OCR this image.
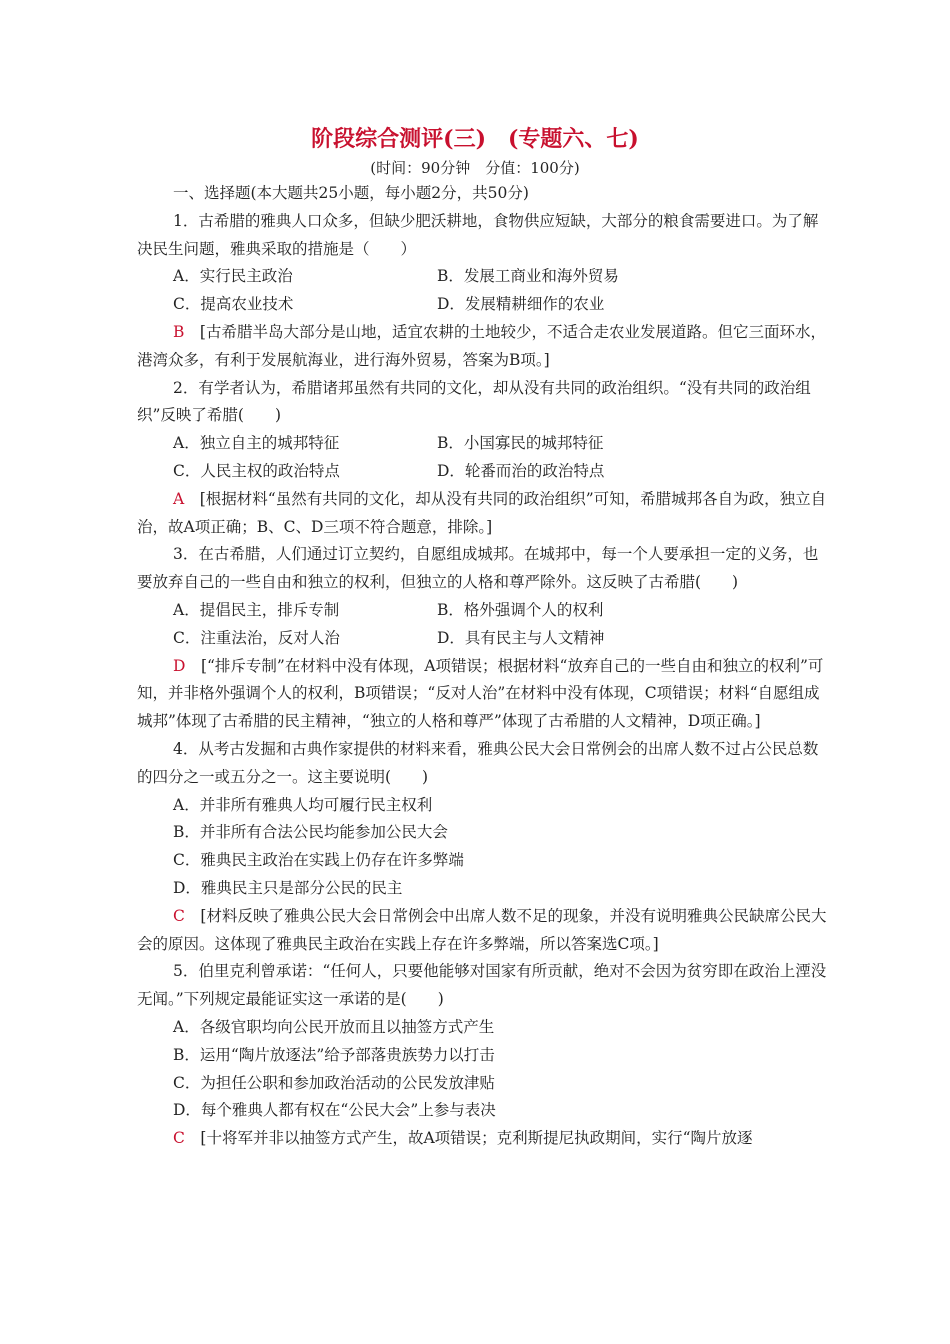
阶段综合测评(三)　(专题六、七)
(时间：90分钟　分值：100分)

一、选择题(本大题共25小题，每小题2分，共50分)

1．古希腊的雅典人口众多，但缺少肥沃耕地，食物供应短缺，大部分的粮食需要进口。为了解决民生问题，雅典采取的措施是（　　）

A．实行民主政治	B．发展工商业和海外贸易
C．提高农业技术	D．发展精耕细作的农业

B　 [古希腊半岛大部分是山地，适宜农耕的土地较少，不适合走农业发展道路。但它三面环水，港湾众多，有利于发展航海业，进行海外贸易，答案为B项。]

2．有学者认为，希腊诸邦虽然有共同的文化，却从没有共同的政治组织。“没有共同的政治组织”反映了希腊(　　)

A．独立自主的城邦特征	B．小国寡民的城邦特征
C．人民主权的政治特点	D．轮番而治的政治特点

A　 [根据材料“虽然有共同的文化，却从没有共同的政治组织”可知，希腊城邦各自为政，独立自治，故A项正确；B、C、D三项不符合题意，排除。]

3．在古希腊，人们通过订立契约，自愿组成城邦。在城邦中，每一个人要承担一定的义务，也要放弃自己的一些自由和独立的权利，但独立的人格和尊严除外。这反映了古希腊(　　)

A．提倡民主，排斥专制	B．格外强调个人的权利
C．注重法治，反对人治	D．具有民主与人文精神

D　 [“排斥专制”在材料中没有体现，A项错误；根据材料“放弃自己的一些自由和独立的权利”可知，并非格外强调个人的权利，B项错误；“反对人治”在材料中没有体现，C项错误；材料“自愿组成城邦”体现了古希腊的民主精神，“独立的人格和尊严”体现了古希腊的人文精神，D项正确。]

4．从考古发掘和古典作家提供的材料来看，雅典公民大会日常例会的出席人数不过占公民总数的四分之一或五分之一。这主要说明(　　)

A．并非所有雅典人均可履行民主权利

B．并非所有合法公民均能参加公民大会

C．雅典民主政治在实践上仍存在许多弊端

D．雅典民主只是部分公民的民主

C　 [材料反映了雅典公民大会日常例会中出席人数不足的现象，并没有说明雅典公民缺席公民大会的原因。这体现了雅典民主政治在实践上存在许多弊端，所以答案选C项。]

5．伯里克利曾承诺：“任何人，只要他能够对国家有所贡献，绝对不会因为贫穷即在政治上湮没无闻。”下列规定最能证实这一承诺的是(　　)

A．各级官职均向公民开放而且以抽签方式产生

B．运用“陶片放逐法”给予部落贵族势力以打击

C．为担任公职和参加政治活动的公民发放津贴

D．每个雅典人都有权在“公民大会”上参与表决

C　 [十将军并非以抽签方式产生，故A项错误；克利斯提尼执政期间，实行“陶片放逐
